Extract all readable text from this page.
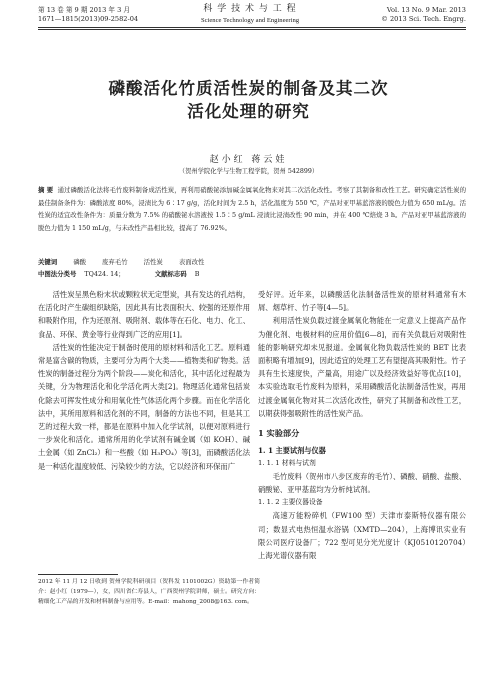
第 13 卷 第 9 期 2013 年 3 月
1671—1815(2013)09-2582-04
科 学 技 术 与 工 程
Science Technology and Engineering
Vol. 13 No. 9 Mar. 2013
© 2013 Sci. Tech. Engrg.
磷酸活化竹质活性炭的制备及其二次
活化处理的研究
赵小红 蒋云娃
（贺州学院化学与生物工程学院，贺州 542899）
摘 要 通过磷酸活化法将毛竹废料制备成活性炭，再利用硝酸铋添加碱金属氧化物来对其二次活化改性。考察了其制备和改性工艺。研究确定活性炭的最佳制备条件为：磷酸浓度 80%，浸渍比为 6∶17 g/g，活化时间为 2.5 h，活化温度为 550 ℃，产品对亚甲基蓝溶液的脱色力值为 650 mL/g。活性炭的适宜改性条件为：质量分数为 7.5% 的硝酸铋水溶液按 1.5∶5 g/mL 浸渍比浸渍改性 90 min，并在 400 ℃焙烧 3 h。产品对亚甲基蓝溶液的脱色力值为 1 150 mL/g，与未改性产品相比较，提高了 76.92%。
关键词	磷酸	废弃毛竹	活性炭	表面改性
中图法分类号 TQ424. 14；	文献标志码 B

活性炭呈黑色粉末状或颗粒状无定型炭，具有发达的孔结构，在活化时产生碳组织缺陷，因此具有比表面积大、较强的还原作用和吸附作用，作为还原剂、吸附剂、载体等在石化、电力、化工、食品、环保、黄金等行业得到广泛的应用[1]。

活性炭的性能决定于制备时使用的原材料和活化工艺。原料通常是富含碳的物质，主要可分为两个大类——植物类和矿物类。活性炭的制备过程分为两个阶段——炭化和活化，其中活化过程最为关键，分为物理活化和化学活化两大类[2]。物理活化通常包括炭化除去可挥发性成分和用氧化性气体活化两个步骤。而在化学活化法中，其所用原料和活化剂的不同，制备的方法也不同，但是其工艺的过程大致一样，都是在原料中加入化学试剂，以便对原料进行一步炭化和活化。通常所用的化学试剂有碱金属（如 KOH）、碱土金属（如 ZnCl₂）和一些酸（如 H₃PO₄）等[3]，而磷酸活化法是一种活化温度较低、污染较少的方法，它以经济和环保而广

2012 年 11 月 12 日收到 贺州学院科研项目（贺科发 1101002G）资助第一作者简介：赵小红（1979—），女，四川省仁寿县人，广西贺州学院讲师，硕士。研究方向：精细化工产品的开发和材料制备与应用等。E-mail：mahong_2008@163. com。

受好评。近年来，以磷酸活化法制备活性炭的原材料通常有木屑、烟草杆、竹子等[4—5]。

利用活性炭负载过渡金属氧化物能在一定意义上提高产品作为催化剂、电极材料的应用价值[6—8]，而有关负载后对吸附性能的影响研究却未见报道。金属氧化物负载活性炭的 BET 比表面积略有增加[9]，因此适宜的处理工艺有望提高其吸附性。竹子具有生长速度快，产量高，用途广以及经济效益好等优点[10]，本实验选取毛竹废料为原料，采用磷酸活化法制备活性炭，再用过渡金属氧化物对其二次活化改性，研究了其制备和改性工艺，以期获得强吸附性的活性炭产品。

1 实验部分
1. 1 主要试剂与仪器
1. 1. 1 材料与试剂

毛竹废料（贺州市八步区废弃的毛竹）、磷酸、硝酸、盐酸、硝酸铋、亚甲基蓝均为分析纯试剂。

1. 1. 2 主要仪器设备

高速万能粉碎机（FW100 型）天津市泰斯特仪器有限公司；数显式电热恒温水浴锅（XMTD—204），上海博讯实业有限公司医疗设备厂；722 型可见分光光度计（KJ0510120704）上海光谱仪器有限
